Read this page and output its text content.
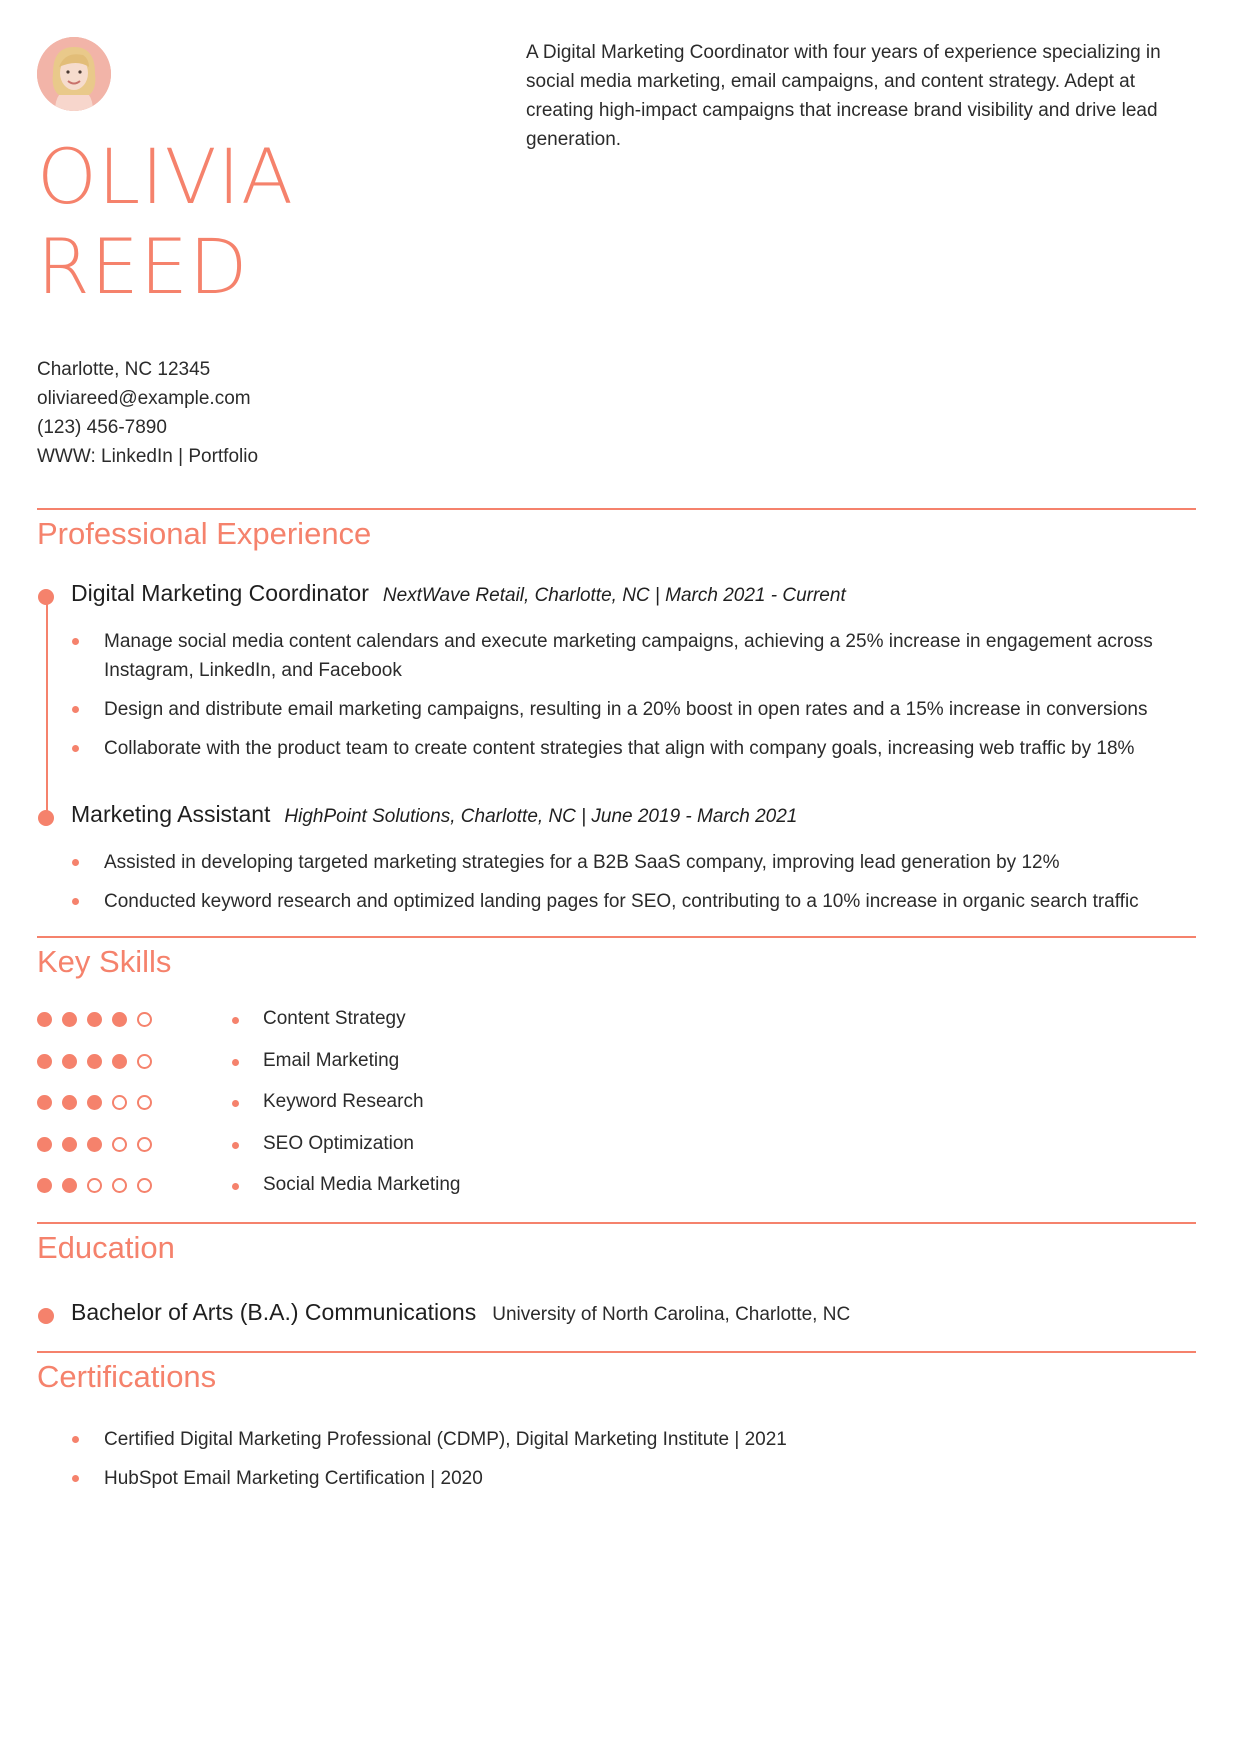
OLIVIA
REED
A Digital Marketing Coordinator with four years of experience specializing in social media marketing, email campaigns, and content strategy. Adept at creating high-impact campaigns that increase brand visibility and drive lead generation.
Charlotte, NC 12345
oliviareed@example.com
(123) 456-7890
WWW: LinkedIn | Portfolio
Professional Experience
Digital Marketing Coordinator NextWave Retail, Charlotte, NC | March 2021 - Current
Manage social media content calendars and execute marketing campaigns, achieving a 25% increase in engagement across Instagram, LinkedIn, and Facebook
Design and distribute email marketing campaigns, resulting in a 20% boost in open rates and a 15% increase in conversions
Collaborate with the product team to create content strategies that align with company goals, increasing web traffic by 18%
Marketing Assistant HighPoint Solutions, Charlotte, NC | June 2019 - March 2021
Assisted in developing targeted marketing strategies for a B2B SaaS company, improving lead generation by 12%
Conducted keyword research and optimized landing pages for SEO, contributing to a 10% increase in organic search traffic
Key Skills
Content Strategy
Email Marketing
Keyword Research
SEO Optimization
Social Media Marketing
Education
Bachelor of Arts (B.A.) Communications University of North Carolina, Charlotte, NC
Certifications
Certified Digital Marketing Professional (CDMP), Digital Marketing Institute | 2021
HubSpot Email Marketing Certification | 2020
